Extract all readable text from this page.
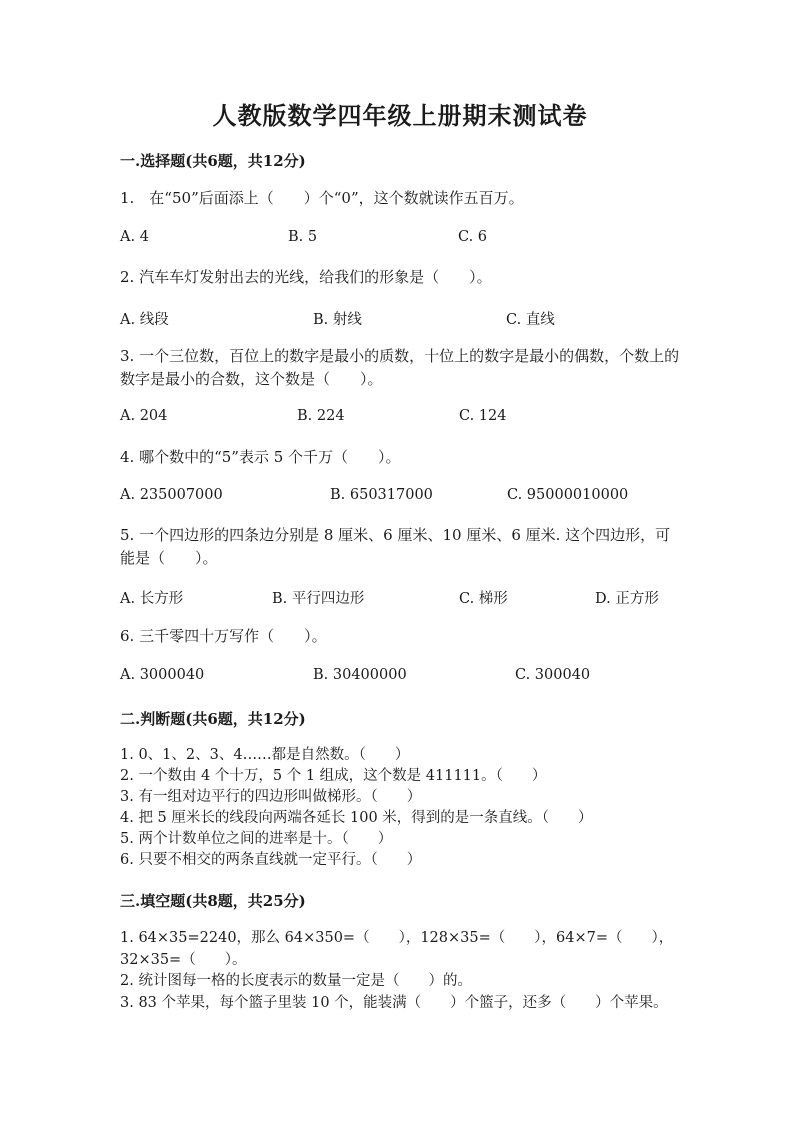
人教版数学四年级上册期末测试卷
一.选择题(共6题，共12分)
1.　在“50”后面添上（　　）个“0”，这个数就读作五百万。
A. 4	B. 5	C. 6
2. 汽车车灯发射出去的光线，给我们的形象是（　　）。
A. 线段	B. 射线	C. 直线
3. 一个三位数，百位上的数字是最小的质数，十位上的数字是最小的偶数，个数上的数字是最小的合数，这个数是（　　）。
A. 204	B. 224	C. 124
4. 哪个数中的“5”表示 5 个千万（　　）。
A. 235007000	B. 650317000	C. 95000010000
5. 一个四边形的四条边分别是 8 厘米、6 厘米、10 厘米、6 厘米. 这个四边形，可能是（　　）。
A. 长方形	B. 平行四边形	C. 梯形	D. 正方形
6. 三千零四十万写作（　　）。
A. 3000040	B. 30400000	C. 300040
二.判断题(共6题，共12分)
1. 0、1、2、3、4……都是自然数。（　　）
2. 一个数由 4 个十万，5 个 1 组成，这个数是 411111。（　　）
3. 有一组对边平行的四边形叫做梯形。（　　）
4. 把 5 厘米长的线段向两端各延长 100 米，得到的是一条直线。（　　）
5. 两个计数单位之间的进率是十。（　　）
6. 只要不相交的两条直线就一定平行。（　　）
三.填空题(共8题，共25分)
1. 64×35=2240，那么 64×350=（　　），128×35=（　　），64×7=（　　），32×35=（　　）。
2. 统计图每一格的长度表示的数量一定是（　　）的。
3. 83 个苹果，每个篮子里装 10 个，能装满（　　）个篮子，还多（　　）个苹果。
